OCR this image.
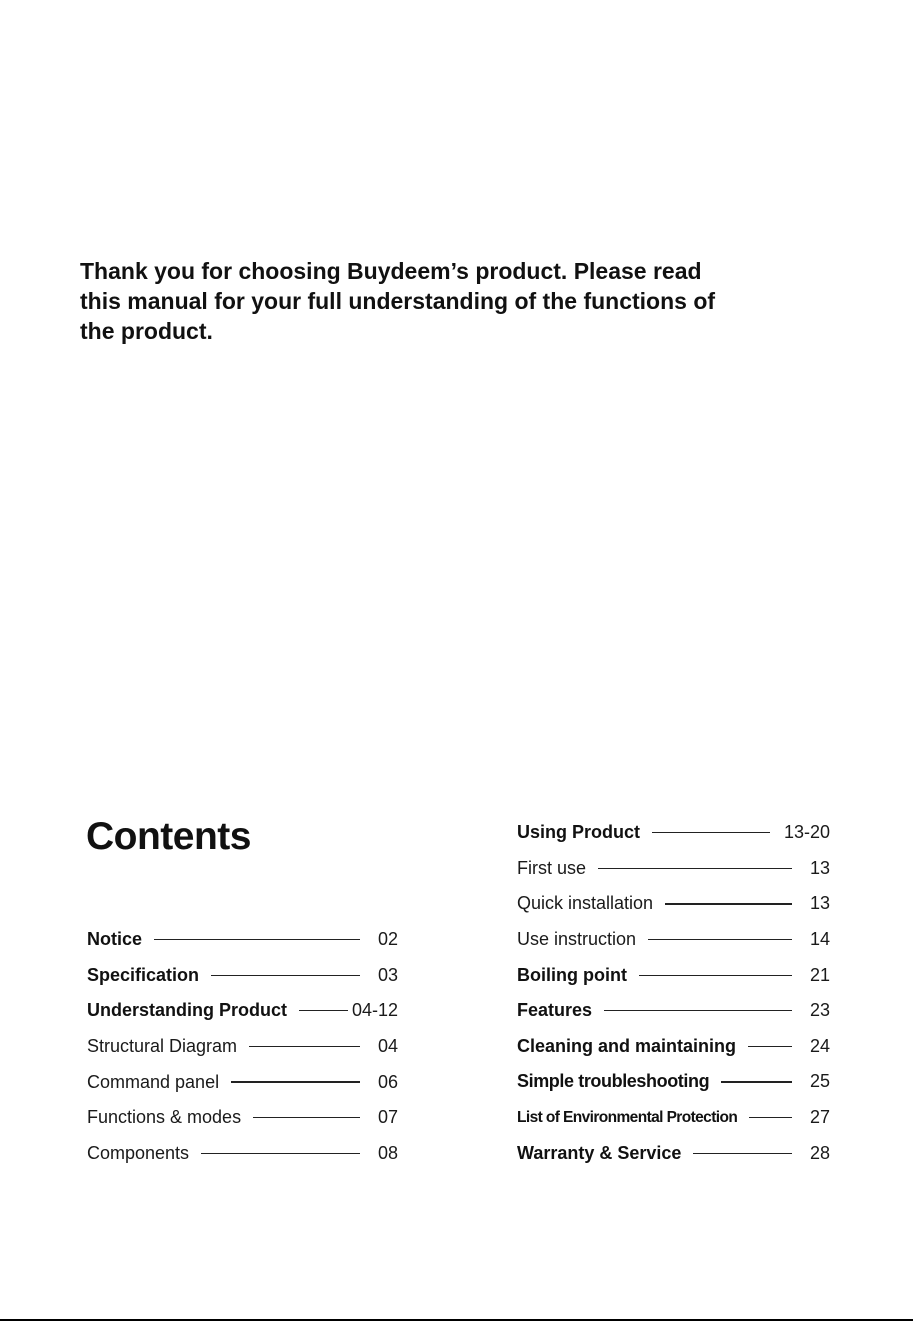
Thank you for choosing Buydeem’s product. Please read this manual for your full understanding of the functions of the product.

Contents
Notice	02
Specification	03
Understanding Product	04-12
Structural Diagram	04
Command panel	06
Functions & modes	07
Components	08
Using Product	13-20
First use	13
Quick installation	13
Use instruction	14
Boiling point	21
Features	23
Cleaning and maintaining	24
Simple troubleshooting	25
List of Environmental Protection	27
Warranty & Service	28
